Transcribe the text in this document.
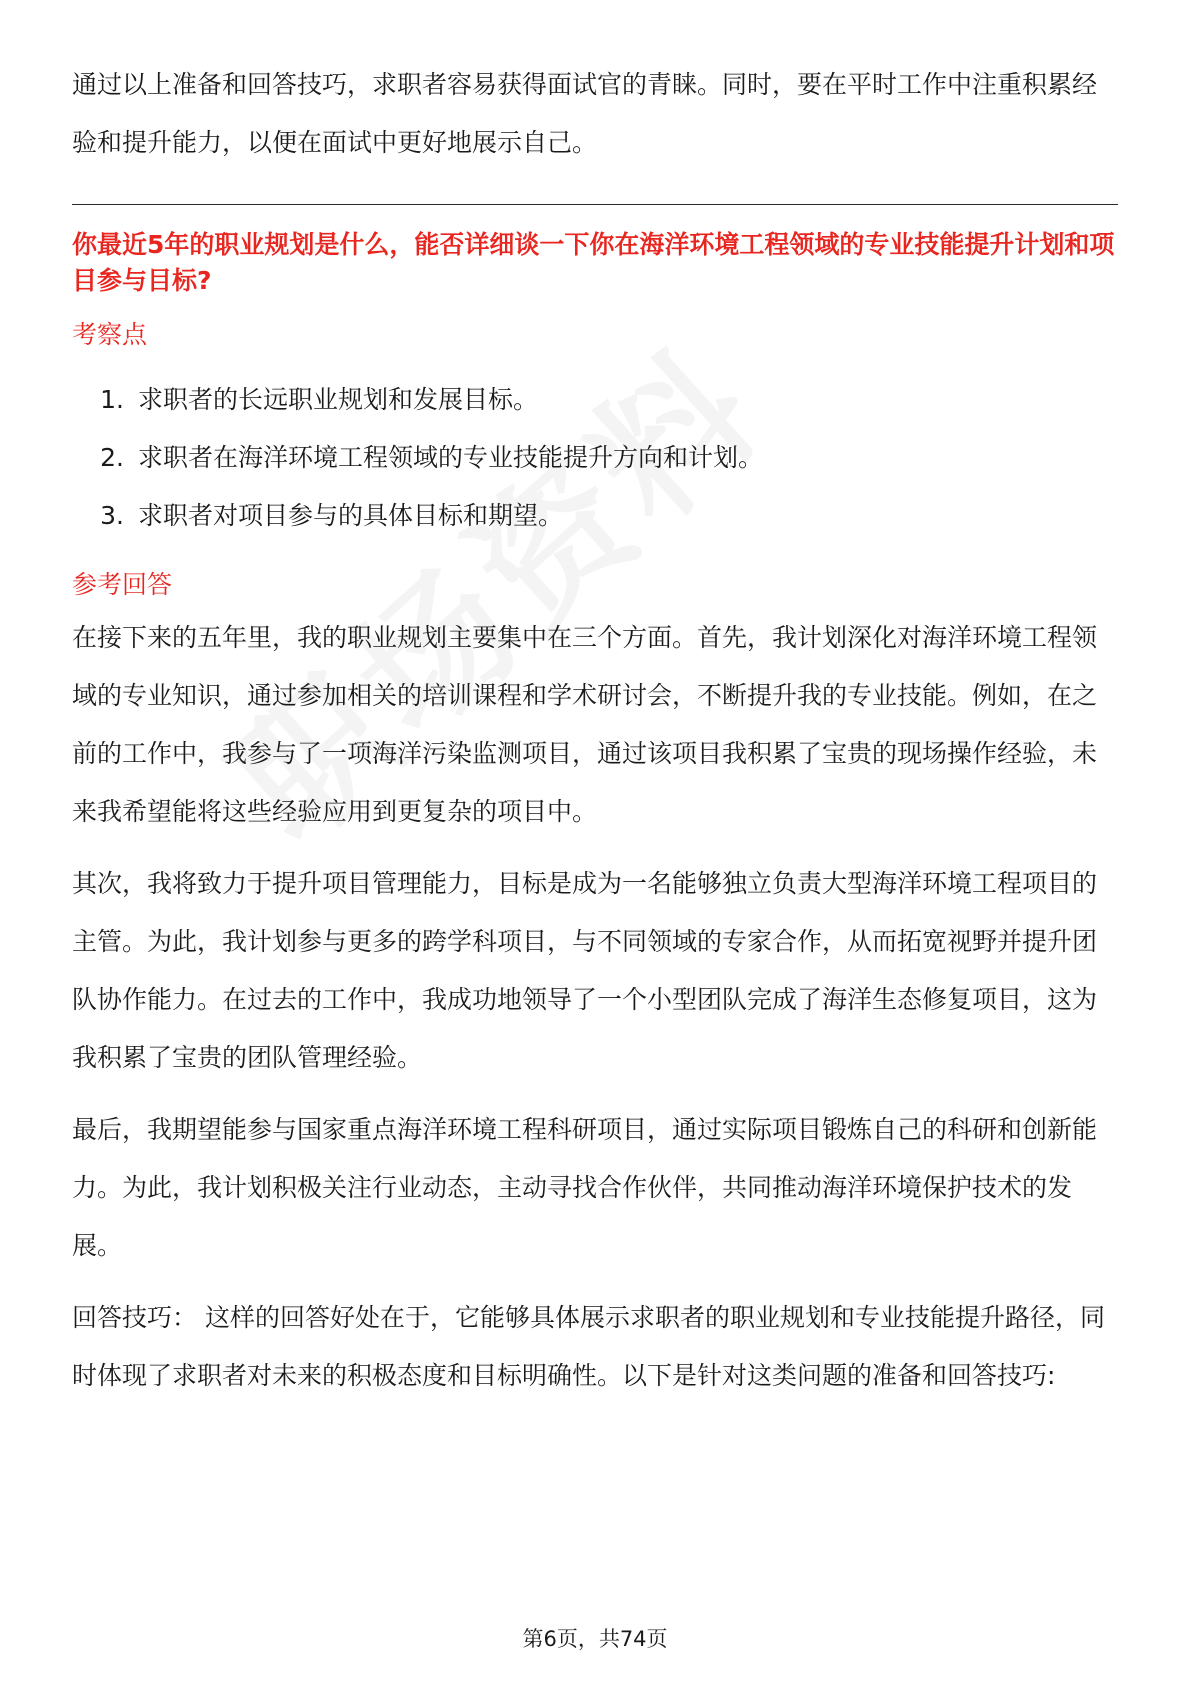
通过以上准备和回答技巧，求职者容易获得面试官的青睐。同时，要在平时工作中注重积累经验和提升能力，以便在面试中更好地展示自己。

你最近5年的职业规划是什么，能否详细谈一下你在海洋环境工程领域的专业技能提升计划和项目参与目标?
考察点
1. 求职者的长远职业规划和发展目标。
2. 求职者在海洋环境工程领域的专业技能提升方向和计划。
3. 求职者对项目参与的具体目标和期望。
参考回答

在接下来的五年里，我的职业规划主要集中在三个方面。首先，我计划深化对海洋环境工程领域的专业知识，通过参加相关的培训课程和学术研讨会，不断提升我的专业技能。例如，在之前的工作中，我参与了一项海洋污染监测项目，通过该项目我积累了宝贵的现场操作经验，未来我希望能将这些经验应用到更复杂的项目中。

其次，我将致力于提升项目管理能力，目标是成为一名能够独立负责大型海洋环境工程项目的主管。为此，我计划参与更多的跨学科项目，与不同领域的专家合作，从而拓宽视野并提升团队协作能力。在过去的工作中，我成功地领导了一个小型团队完成了海洋生态修复项目，这为我积累了宝贵的团队管理经验。

最后，我期望能参与国家重点海洋环境工程科研项目，通过实际项目锻炼自己的科研和创新能力。为此，我计划积极关注行业动态，主动寻找合作伙伴，共同推动海洋环境保护技术的发展。

回答技巧： 这样的回答好处在于，它能够具体展示求职者的职业规划和专业技能提升路径，同时体现了求职者对未来的积极态度和目标明确性。以下是针对这类问题的准备和回答技巧:

第6页，共74页
